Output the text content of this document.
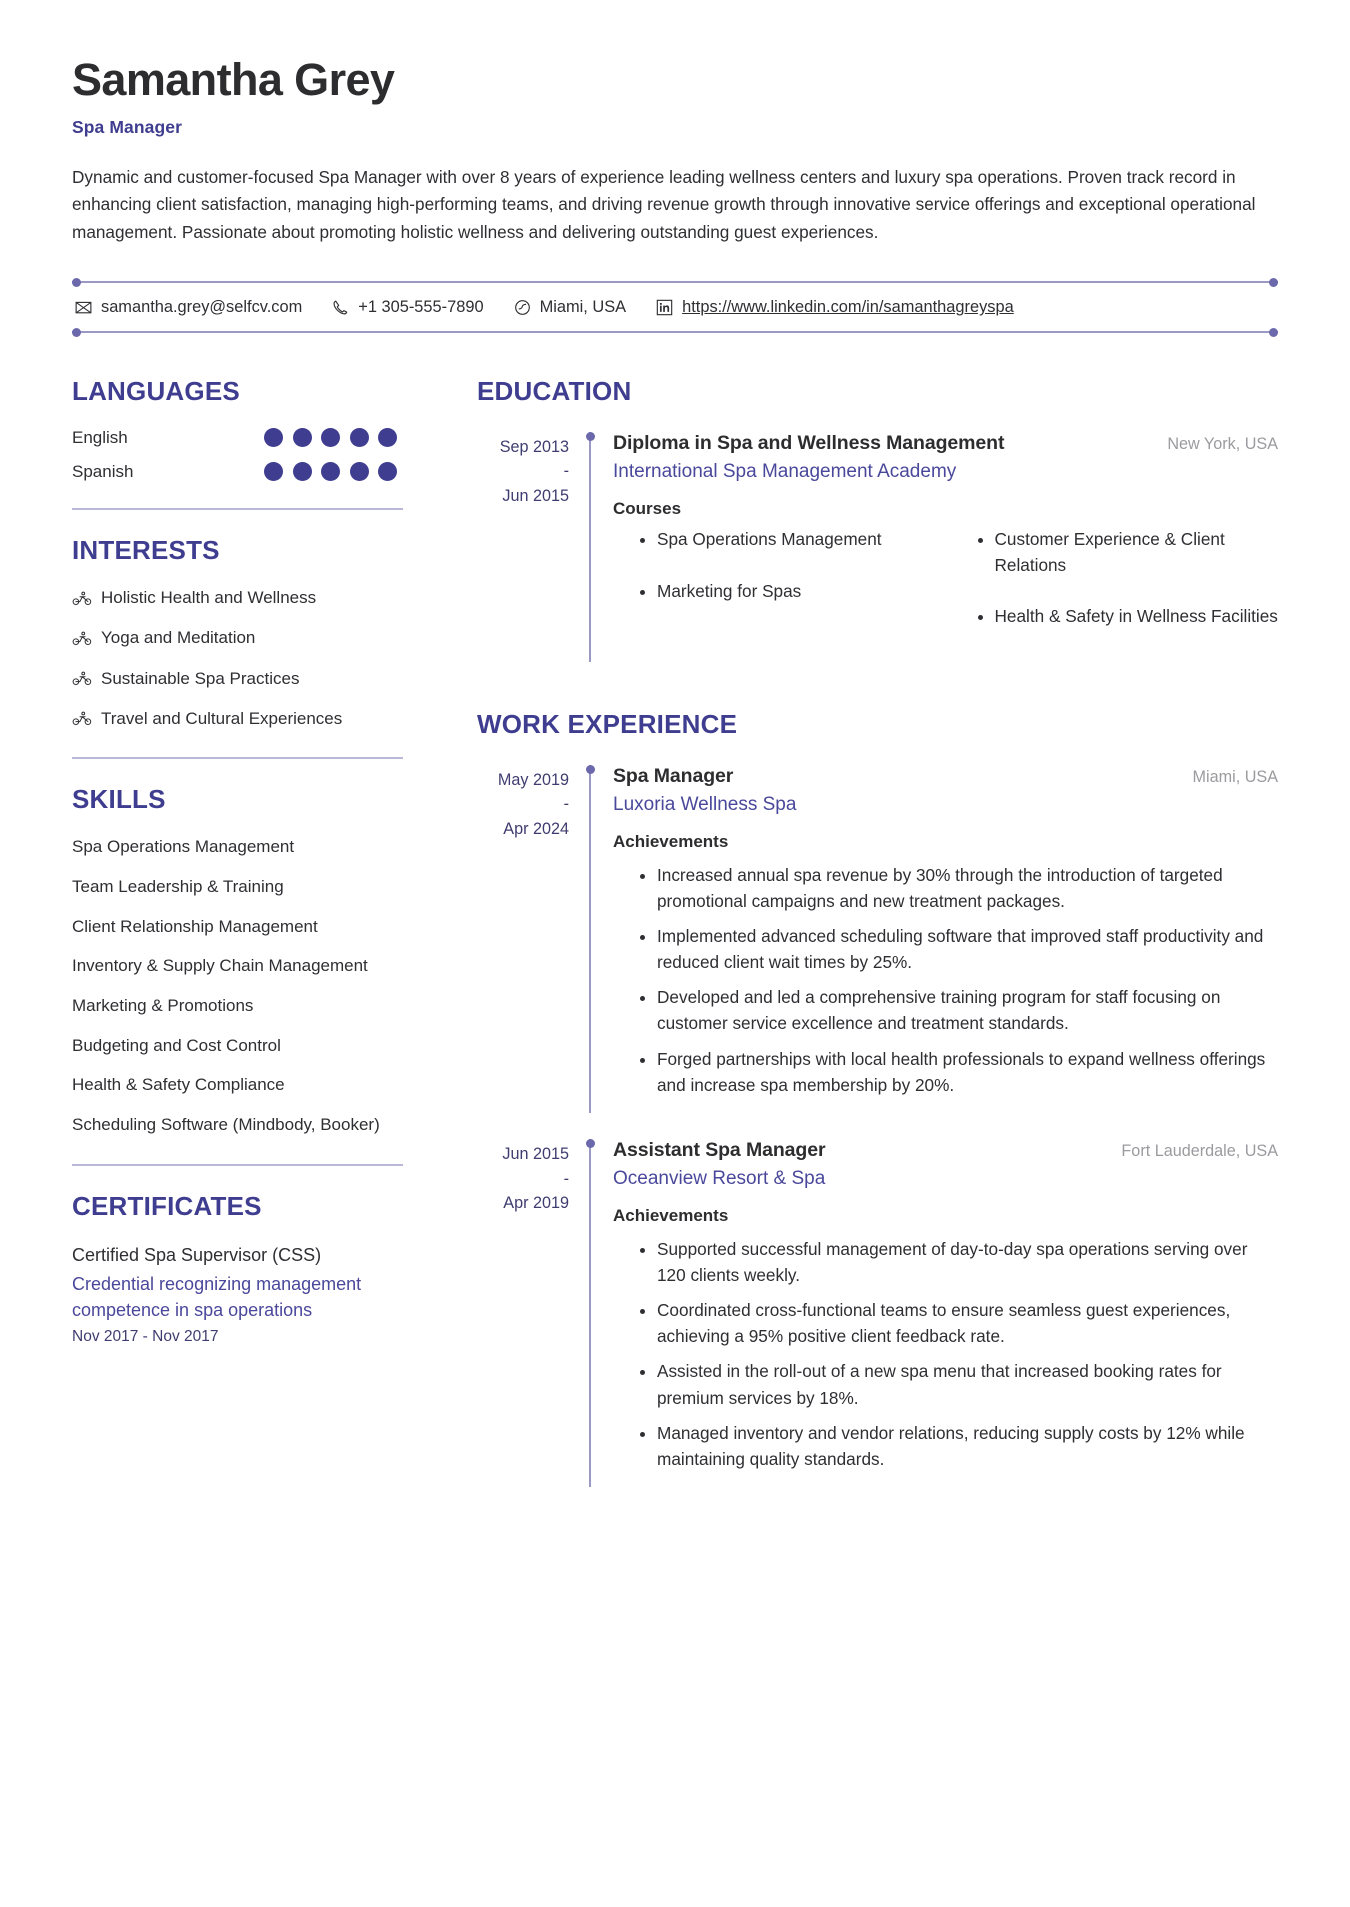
Samantha Grey
Spa Manager
Dynamic and customer-focused Spa Manager with over 8 years of experience leading wellness centers and luxury spa operations. Proven track record in enhancing client satisfaction, managing high-performing teams, and driving revenue growth through innovative service offerings and exceptional operational management. Passionate about promoting holistic wellness and delivering outstanding guest experiences.
samantha.grey@selfcv.com	+1 305-555-7890	Miami, USA	https://www.linkedin.com/in/samanthagreyspa
LANGUAGES
English
Spanish
INTERESTS
Holistic Health and Wellness
Yoga and Meditation
Sustainable Spa Practices
Travel and Cultural Experiences
SKILLS
Spa Operations Management
Team Leadership & Training
Client Relationship Management
Inventory & Supply Chain Management
Marketing & Promotions
Budgeting and Cost Control
Health & Safety Compliance
Scheduling Software (Mindbody, Booker)
CERTIFICATES
Certified Spa Supervisor (CSS)
Credential recognizing management competence in spa operations
Nov 2017 - Nov 2017
EDUCATION
Sep 2013
-
Jun 2015
Diploma in Spa and Wellness Management	New York, USA
International Spa Management Academy
Courses
• Spa Operations Management
• Marketing for Spas
• Customer Experience & Client Relations
• Health & Safety in Wellness Facilities
WORK EXPERIENCE
May 2019
-
Apr 2024
Spa Manager	Miami, USA
Luxoria Wellness Spa
Achievements
• Increased annual spa revenue by 30% through the introduction of targeted promotional campaigns and new treatment packages.
• Implemented advanced scheduling software that improved staff productivity and reduced client wait times by 25%.
• Developed and led a comprehensive training program for staff focusing on customer service excellence and treatment standards.
• Forged partnerships with local health professionals to expand wellness offerings and increase spa membership by 20%.
Jun 2015
-
Apr 2019
Assistant Spa Manager	Fort Lauderdale, USA
Oceanview Resort & Spa
Achievements
• Supported successful management of day-to-day spa operations serving over 120 clients weekly.
• Coordinated cross-functional teams to ensure seamless guest experiences, achieving a 95% positive client feedback rate.
• Assisted in the roll-out of a new spa menu that increased booking rates for premium services by 18%.
• Managed inventory and vendor relations, reducing supply costs by 12% while maintaining quality standards.
